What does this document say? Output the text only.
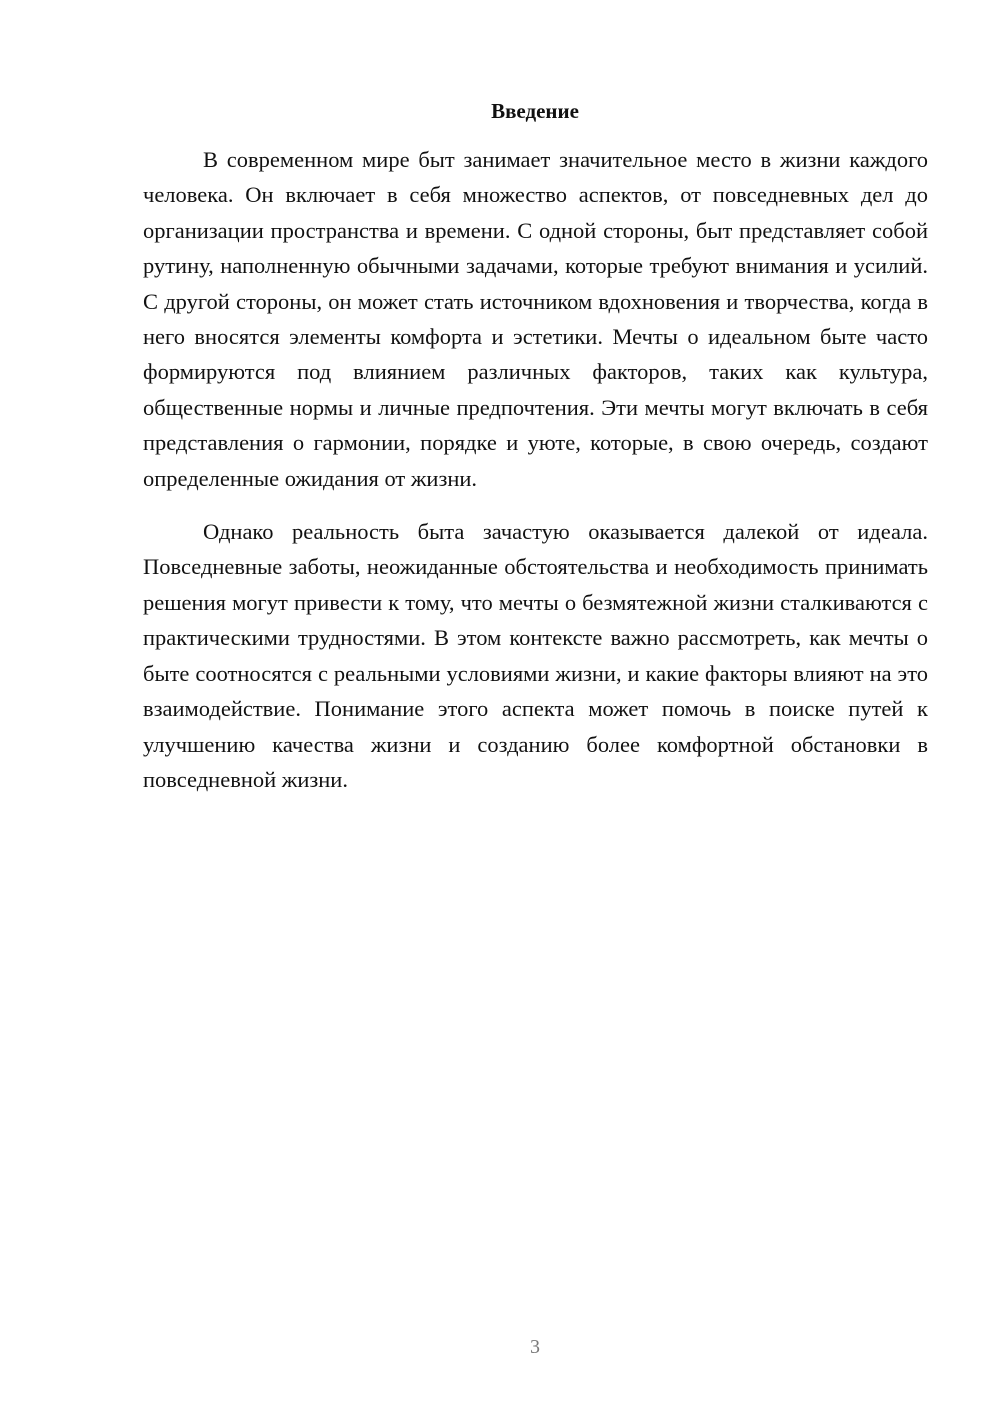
Введение

В современном мире быт занимает значительное место в жизни каждого человека. Он включает в себя множество аспектов, от повседневных дел до организации пространства и времени. С одной стороны, быт представляет собой рутину, наполненную обычными задачами, которые требуют внимания и усилий. С другой стороны, он может стать источником вдохновения и творчества, когда в него вносятся элементы комфорта и эстетики. Мечты о идеальном быте часто формируются под влиянием различных факторов, таких как культура, общественные нормы и личные предпочтения. Эти мечты могут включать в себя представления о гармонии, порядке и уюте, которые, в свою очередь, создают определенные ожидания от жизни.

Однако реальность быта зачастую оказывается далекой от идеала. Повседневные заботы, неожиданные обстоятельства и необходимость принимать решения могут привести к тому, что мечты о безмятежной жизни сталкиваются с практическими трудностями. В этом контексте важно рассмотреть, как мечты о быте соотносятся с реальными условиями жизни, и какие факторы влияют на это взаимодействие. Понимание этого аспекта может помочь в поиске путей к улучшению качества жизни и созданию более комфортной обстановки в повседневной жизни.

3
